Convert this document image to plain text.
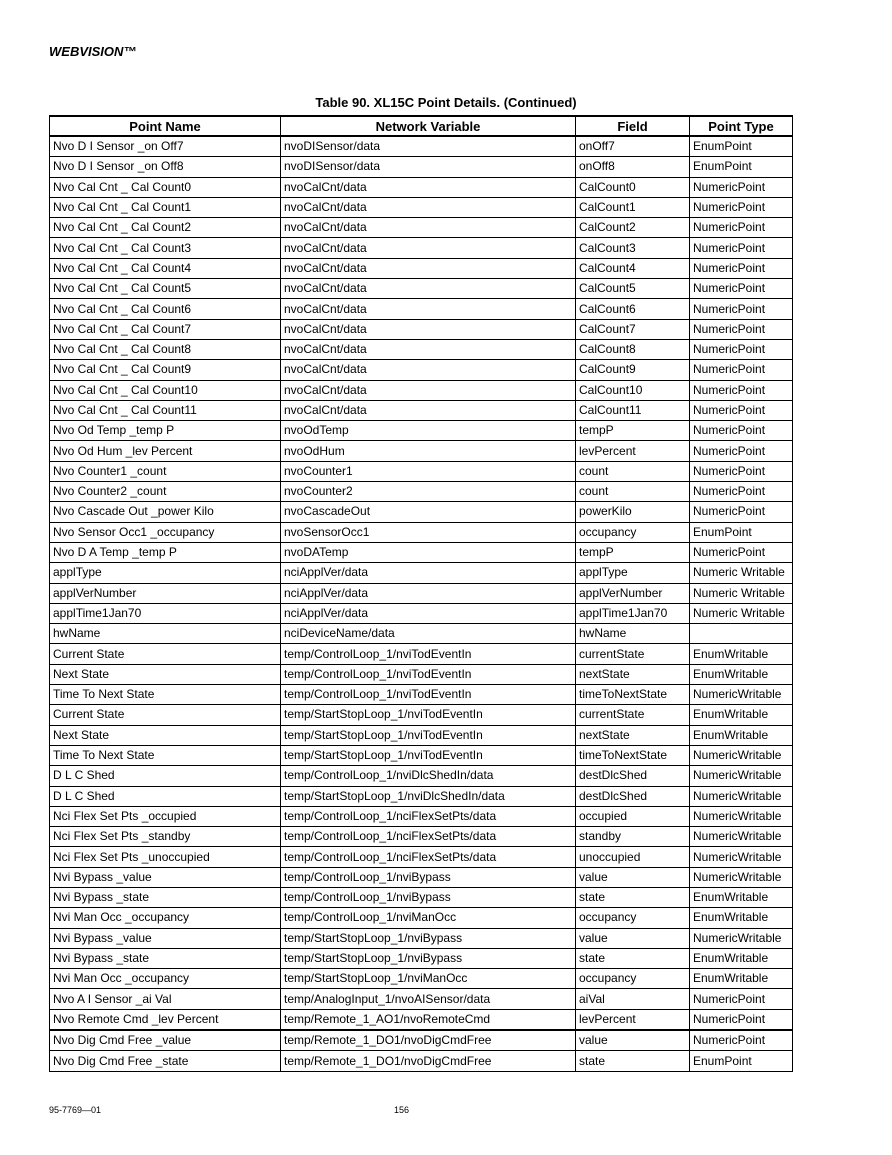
WEBVISION™
Table 90. XL15C Point Details. (Continued)
Point Name	Network Variable	Field	Point Type
Nvo D I Sensor _on Off7	nvoDISensor/data	onOff7	EnumPoint
Nvo D I Sensor _on Off8	nvoDISensor/data	onOff8	EnumPoint
Nvo Cal Cnt _ Cal Count0	nvoCalCnt/data	CalCount0	NumericPoint
Nvo Cal Cnt _ Cal Count1	nvoCalCnt/data	CalCount1	NumericPoint
Nvo Cal Cnt _ Cal Count2	nvoCalCnt/data	CalCount2	NumericPoint
Nvo Cal Cnt _ Cal Count3	nvoCalCnt/data	CalCount3	NumericPoint
Nvo Cal Cnt _ Cal Count4	nvoCalCnt/data	CalCount4	NumericPoint
Nvo Cal Cnt _ Cal Count5	nvoCalCnt/data	CalCount5	NumericPoint
Nvo Cal Cnt _ Cal Count6	nvoCalCnt/data	CalCount6	NumericPoint
Nvo Cal Cnt _ Cal Count7	nvoCalCnt/data	CalCount7	NumericPoint
Nvo Cal Cnt _ Cal Count8	nvoCalCnt/data	CalCount8	NumericPoint
Nvo Cal Cnt _ Cal Count9	nvoCalCnt/data	CalCount9	NumericPoint
Nvo Cal Cnt _ Cal Count10	nvoCalCnt/data	CalCount10	NumericPoint
Nvo Cal Cnt _ Cal Count11	nvoCalCnt/data	CalCount11	NumericPoint
Nvo Od Temp _temp P	nvoOdTemp	tempP	NumericPoint
Nvo Od Hum _lev Percent	nvoOdHum	levPercent	NumericPoint
Nvo Counter1 _count	nvoCounter1	count	NumericPoint
Nvo Counter2 _count	nvoCounter2	count	NumericPoint
Nvo Cascade Out _power Kilo	nvoCascadeOut	powerKilo	NumericPoint
Nvo Sensor Occ1 _occupancy	nvoSensorOcc1	occupancy	EnumPoint
Nvo D A Temp _temp P	nvoDATemp	tempP	NumericPoint
applType	nciApplVer/data	applType	Numeric Writable
applVerNumber	nciApplVer/data	applVerNumber	Numeric Writable
applTime1Jan70	nciApplVer/data	applTime1Jan70	Numeric Writable
hwName	nciDeviceName/data	hwName	
Current State	temp/ControlLoop_1/nviTodEventIn	currentState	EnumWritable
Next State	temp/ControlLoop_1/nviTodEventIn	nextState	EnumWritable
Time To Next State	temp/ControlLoop_1/nviTodEventIn	timeToNextState	NumericWritable
Current State	temp/StartStopLoop_1/nviTodEventIn	currentState	EnumWritable
Next State	temp/StartStopLoop_1/nviTodEventIn	nextState	EnumWritable
Time To Next State	temp/StartStopLoop_1/nviTodEventIn	timeToNextState	NumericWritable
D L C Shed	temp/ControlLoop_1/nviDlcShedIn/data	destDlcShed	NumericWritable
D L C Shed	temp/StartStopLoop_1/nviDlcShedIn/data	destDlcShed	NumericWritable
Nci Flex Set Pts _occupied	temp/ControlLoop_1/nciFlexSetPts/data	occupied	NumericWritable
Nci Flex Set Pts _standby	temp/ControlLoop_1/nciFlexSetPts/data	standby	NumericWritable
Nci Flex Set Pts _unoccupied	temp/ControlLoop_1/nciFlexSetPts/data	unoccupied	NumericWritable
Nvi Bypass _value	temp/ControlLoop_1/nviBypass	value	NumericWritable
Nvi Bypass _state	temp/ControlLoop_1/nviBypass	state	EnumWritable
Nvi Man Occ _occupancy	temp/ControlLoop_1/nviManOcc	occupancy	EnumWritable
Nvi Bypass _value	temp/StartStopLoop_1/nviBypass	value	NumericWritable
Nvi Bypass _state	temp/StartStopLoop_1/nviBypass	state	EnumWritable
Nvi Man Occ _occupancy	temp/StartStopLoop_1/nviManOcc	occupancy	EnumWritable
Nvo A I Sensor _ai Val	temp/AnalogInput_1/nvoAISensor/data	aiVal	NumericPoint
Nvo Remote Cmd _lev Percent	temp/Remote_1_AO1/nvoRemoteCmd	levPercent	NumericPoint
Nvo Dig Cmd Free _value	temp/Remote_1_DO1/nvoDigCmdFree	value	NumericPoint
Nvo Dig Cmd Free _state	temp/Remote_1_DO1/nvoDigCmdFree	state	EnumPoint
95-7769—01	156
